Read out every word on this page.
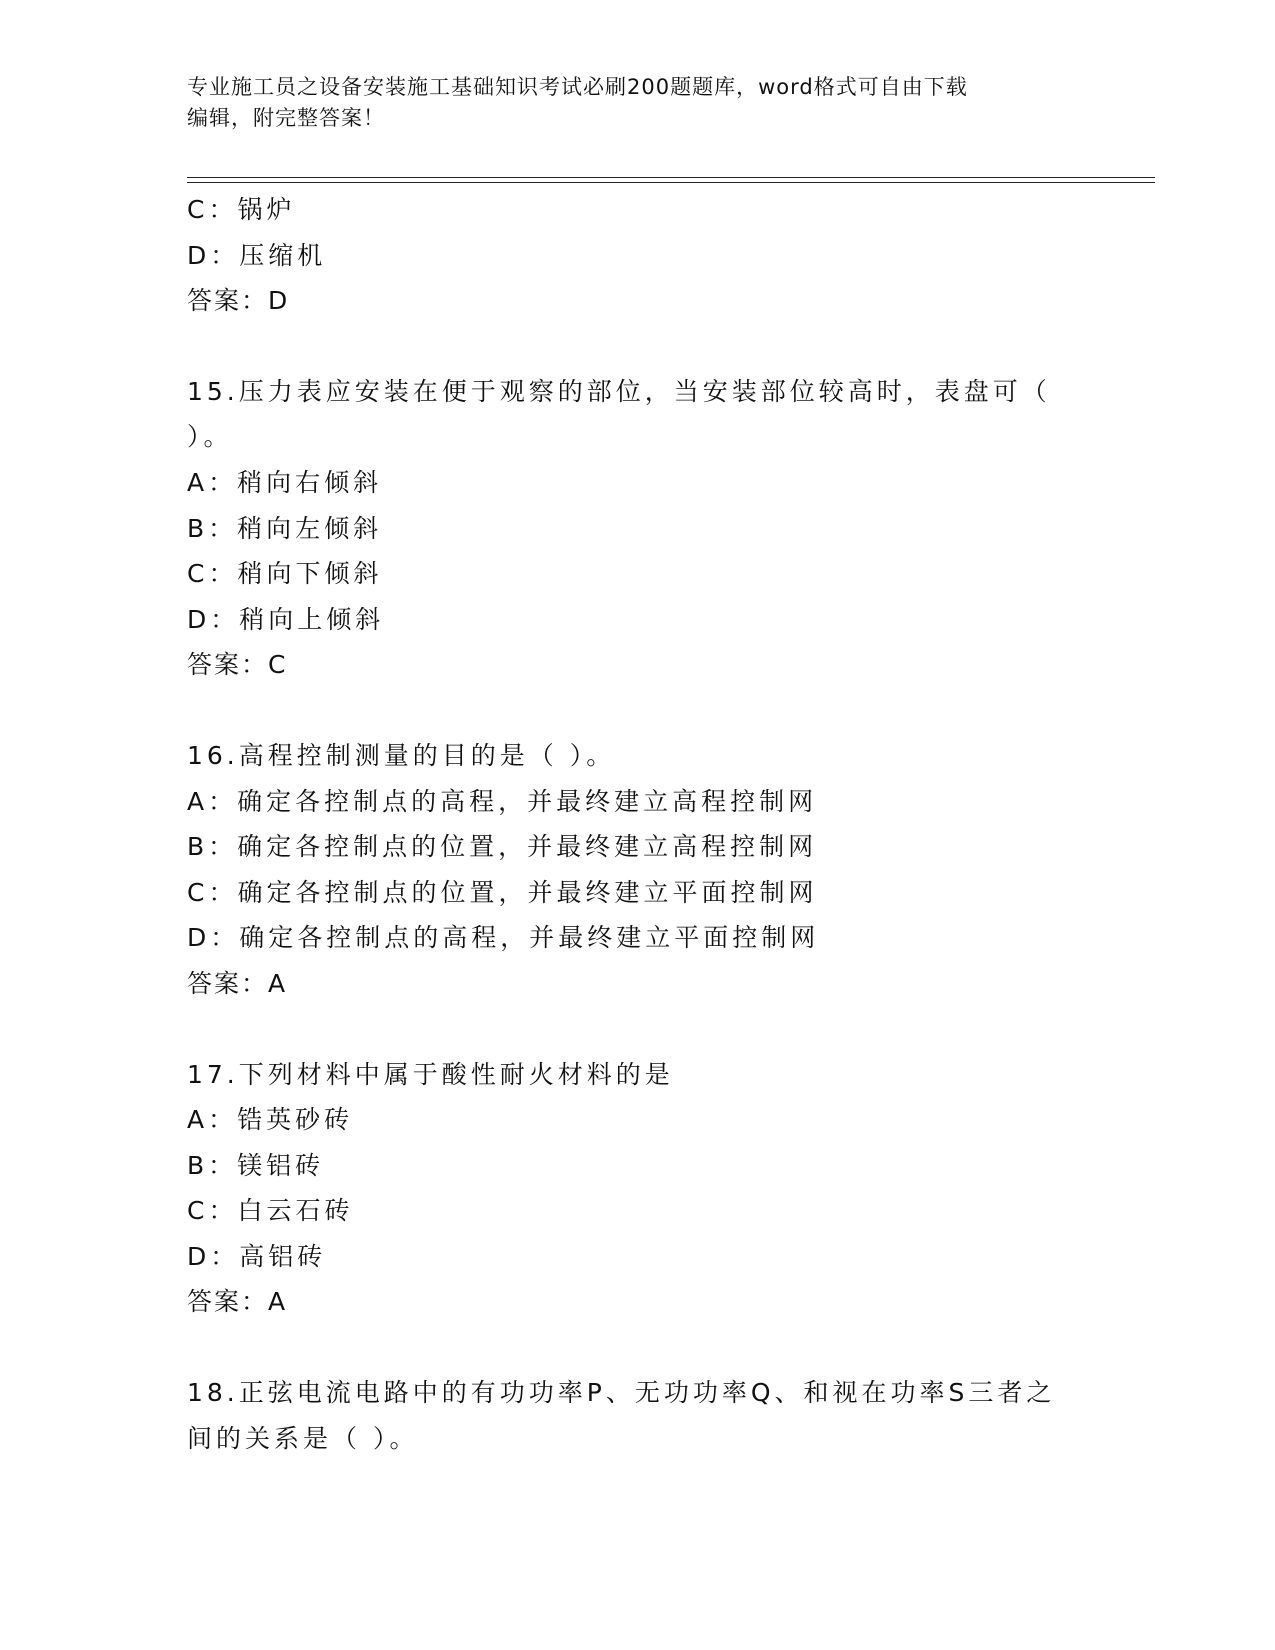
专业施工员之设备安装施工基础知识考试必刷200题题库，word格式可自由下载
编辑，附完整答案！
C：锅炉
D：压缩机
答案：D
15.压力表应安装在便于观察的部位，当安装部位较高时，表盘可（
）。
A：稍向右倾斜
B：稍向左倾斜
C：稍向下倾斜
D：稍向上倾斜
答案：C
16.高程控制测量的目的是（ ）。
A：确定各控制点的高程，并最终建立高程控制网
B：确定各控制点的位置，并最终建立高程控制网
C：确定各控制点的位置，并最终建立平面控制网
D：确定各控制点的高程，并最终建立平面控制网
答案：A
17.下列材料中属于酸性耐火材料的是
A：锆英砂砖
B：镁铝砖
C：白云石砖
D：高铝砖
答案：A
18.正弦电流电路中的有功功率P、无功功率Q、和视在功率S三者之
间的关系是（ ）。
